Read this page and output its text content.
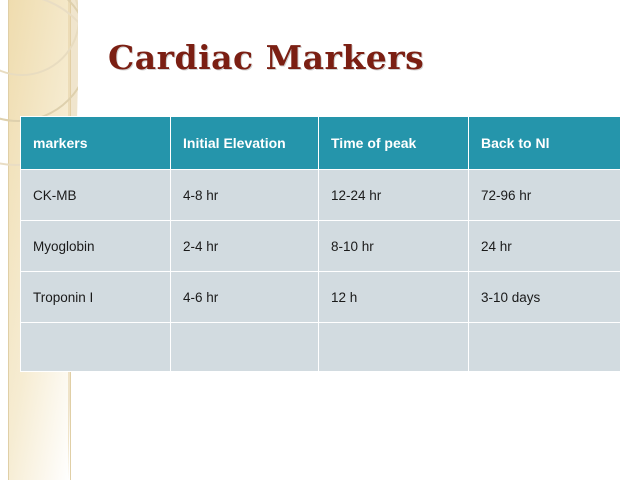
Cardiac Markers
markers	Initial Elevation	Time of peak	Back to Nl
CK-MB	4-8 hr	12-24 hr	72-96 hr
Myoglobin	2-4 hr	8-10 hr	24 hr
Troponin I	4-6 hr	12 h	3-10 days
